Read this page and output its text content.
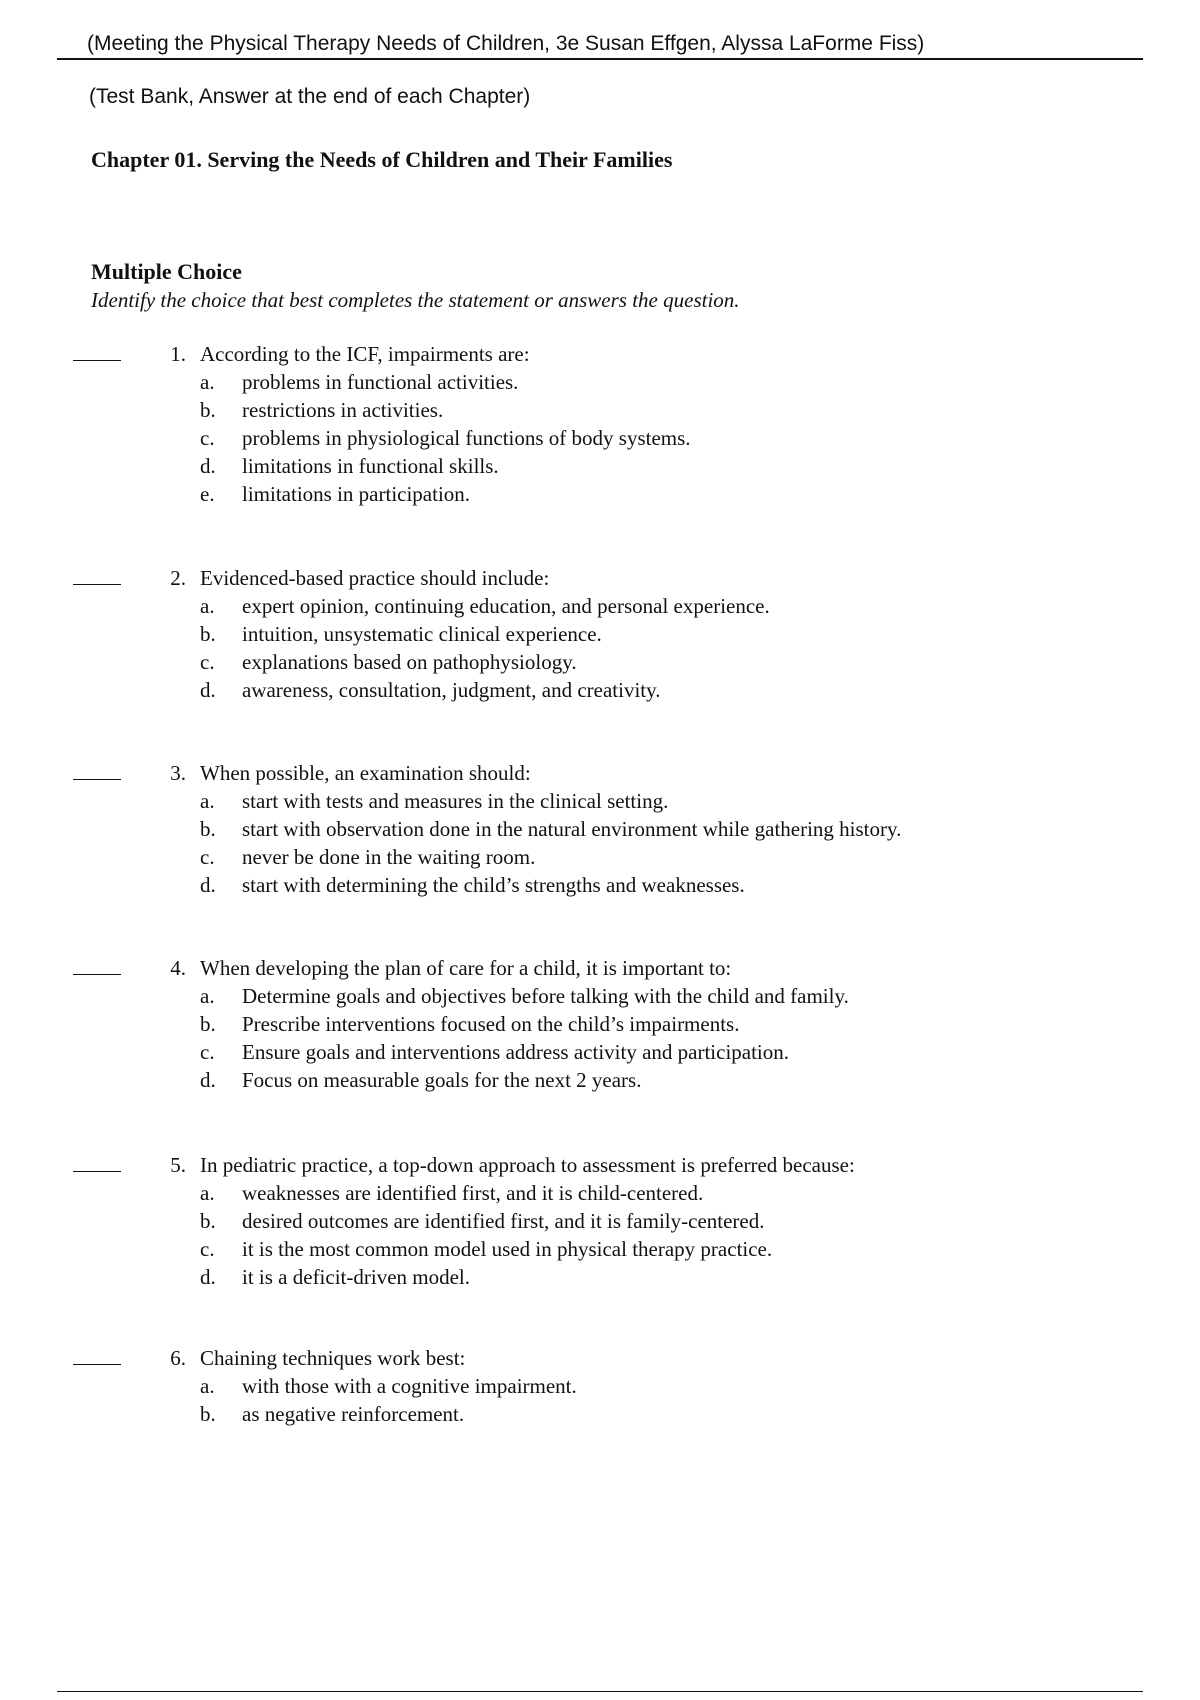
(Meeting the Physical Therapy Needs of Children, 3e Susan Effgen, Alyssa LaForme Fiss)
(Test Bank, Answer at the end of each Chapter)
Chapter 01. Serving the Needs of Children and Their Families
Multiple Choice
Identify the choice that best completes the statement or answers the question.
1. According to the ICF, impairments are:
a.	problems in functional activities.
b.	restrictions in activities.
c.	problems in physiological functions of body systems.
d.	limitations in functional skills.
e.	limitations in participation.
2. Evidenced-based practice should include:
a.	expert opinion, continuing education, and personal experience.
b.	intuition, unsystematic clinical experience.
c.	explanations based on pathophysiology.
d.	awareness, consultation, judgment, and creativity.
3. When possible, an examination should:
a.	start with tests and measures in the clinical setting.
b.	start with observation done in the natural environment while gathering history.
c.	never be done in the waiting room.
d.	start with determining the child’s strengths and weaknesses.
4. When developing the plan of care for a child, it is important to:
a.	Determine goals and objectives before talking with the child and family.
b.	Prescribe interventions focused on the child’s impairments.
c.	Ensure goals and interventions address activity and participation.
d.	Focus on measurable goals for the next 2 years.
5. In pediatric practice, a top-down approach to assessment is preferred because:
a.	weaknesses are identified first, and it is child-centered.
b.	desired outcomes are identified first, and it is family-centered.
c.	it is the most common model used in physical therapy practice.
d.	it is a deficit-driven model.
6. Chaining techniques work best:
a.	with those with a cognitive impairment.
b.	as negative reinforcement.
